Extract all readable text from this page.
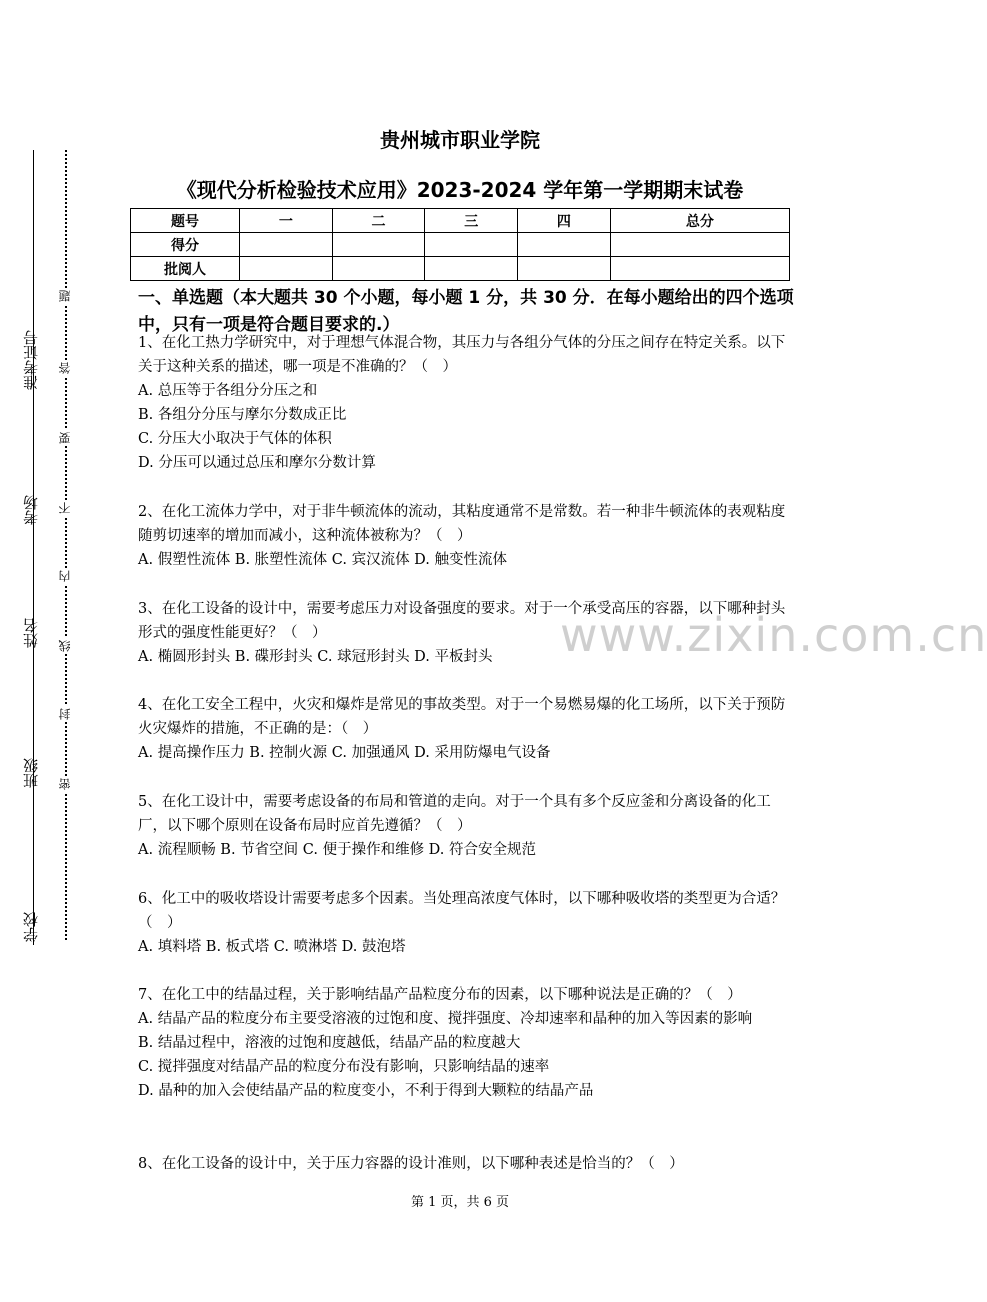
准考证号
考场
姓名
班级
学校
题
答
要
不
内
线
封
密
贵州城市职业学院
《现代分析检验技术应用》2023-2024 学年第一学期期末试卷
题号	一	二	三	四	总分
得分					
批阅人					
一、单选题（本大题共 30 个小题，每小题 1 分，共 30 分．在每小题给出的四个选项中，只有一项是符合题目要求的.）

1、在化工热力学研究中，对于理想气体混合物，其压力与各组分气体的分压之间存在特定关系。以下关于这种关系的描述，哪一项是不准确的？（　）

A. 总压等于各组分分压之和

B. 各组分分压与摩尔分数成正比

C. 分压大小取决于气体的体积

D. 分压可以通过总压和摩尔分数计算

2、在化工流体力学中，对于非牛顿流体的流动，其粘度通常不是常数。若一种非牛顿流体的表观粘度随剪切速率的增加而减小，这种流体被称为？（　）

A. 假塑性流体 B. 胀塑性流体 C. 宾汉流体 D. 触变性流体

3、在化工设备的设计中，需要考虑压力对设备强度的要求。对于一个承受高压的容器，以下哪种封头形式的强度性能更好？（　）

A. 椭圆形封头 B. 碟形封头 C. 球冠形封头 D. 平板封头

4、在化工安全工程中，火灾和爆炸是常见的事故类型。对于一个易燃易爆的化工场所，以下关于预防火灾爆炸的措施，不正确的是：（　）

A. 提高操作压力 B. 控制火源 C. 加强通风 D. 采用防爆电气设备

5、在化工设计中，需要考虑设备的布局和管道的走向。对于一个具有多个反应釜和分离设备的化工厂，以下哪个原则在设备布局时应首先遵循？（　）

A. 流程顺畅 B. 节省空间 C. 便于操作和维修 D. 符合安全规范

6、化工中的吸收塔设计需要考虑多个因素。当处理高浓度气体时，以下哪种吸收塔的类型更为合适？（　）

A. 填料塔 B. 板式塔 C. 喷淋塔 D. 鼓泡塔

7、在化工中的结晶过程，关于影响结晶产品粒度分布的因素，以下哪种说法是正确的？（　）

A. 结晶产品的粒度分布主要受溶液的过饱和度、搅拌强度、冷却速率和晶种的加入等因素的影响

B. 结晶过程中，溶液的过饱和度越低，结晶产品的粒度越大

C. 搅拌强度对结晶产品的粒度分布没有影响，只影响结晶的速率

D. 晶种的加入会使结晶产品的粒度变小，不利于得到大颗粒的结晶产品

8、在化工设备的设计中，关于压力容器的设计准则，以下哪种表述是恰当的？（　）

www.zixin.com.cn
第 1 页，共 6 页
